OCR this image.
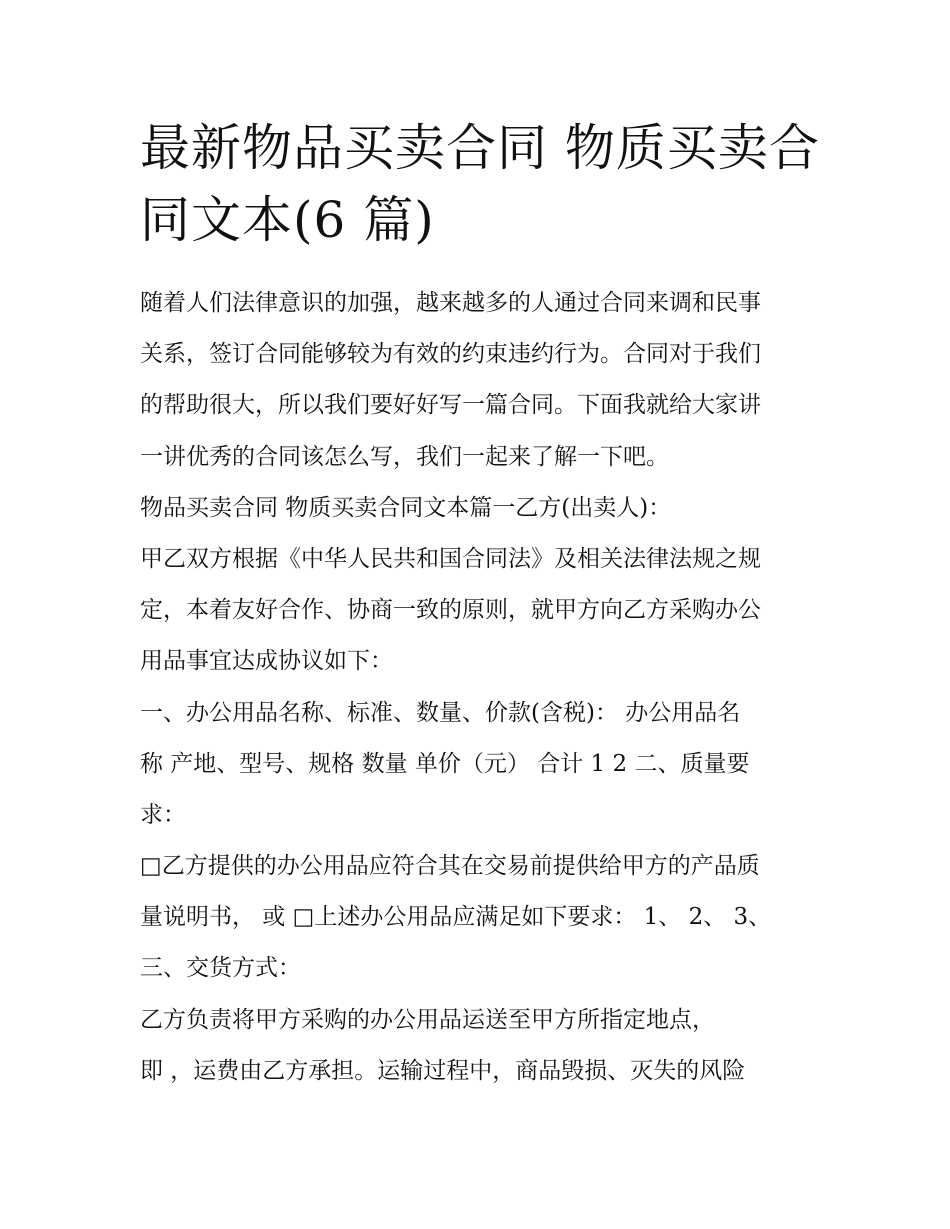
最新物品买卖合同 物质买卖合
同文本(6 篇)
随着人们法律意识的加强，越来越多的人通过合同来调和民事
关系，签订合同能够较为有效的约束违约行为。合同对于我们
的帮助很大，所以我们要好好写一篇合同。下面我就给大家讲
一讲优秀的合同该怎么写，我们一起来了解一下吧。
物品买卖合同 物质买卖合同文本篇一乙方(出卖人)：
甲乙双方根据《中华人民共和国合同法》及相关法律法规之规
定，本着友好合作、协商一致的原则，就甲方向乙方采购办公
用品事宜达成协议如下：
一、办公用品名称、标准、数量、价款(含税)： 办公用品名
称 产地、型号、规格 数量 单价（元） 合计 1 2 二、质量要
求：
□乙方提供的办公用品应符合其在交易前提供给甲方的产品质
量说明书， 或 □上述办公用品应满足如下要求： 1、 2、 3、
三、交货方式：
乙方负责将甲方采购的办公用品运送至甲方所指定地点，
即 ，运费由乙方承担。运输过程中，商品毁损、灭失的风险
